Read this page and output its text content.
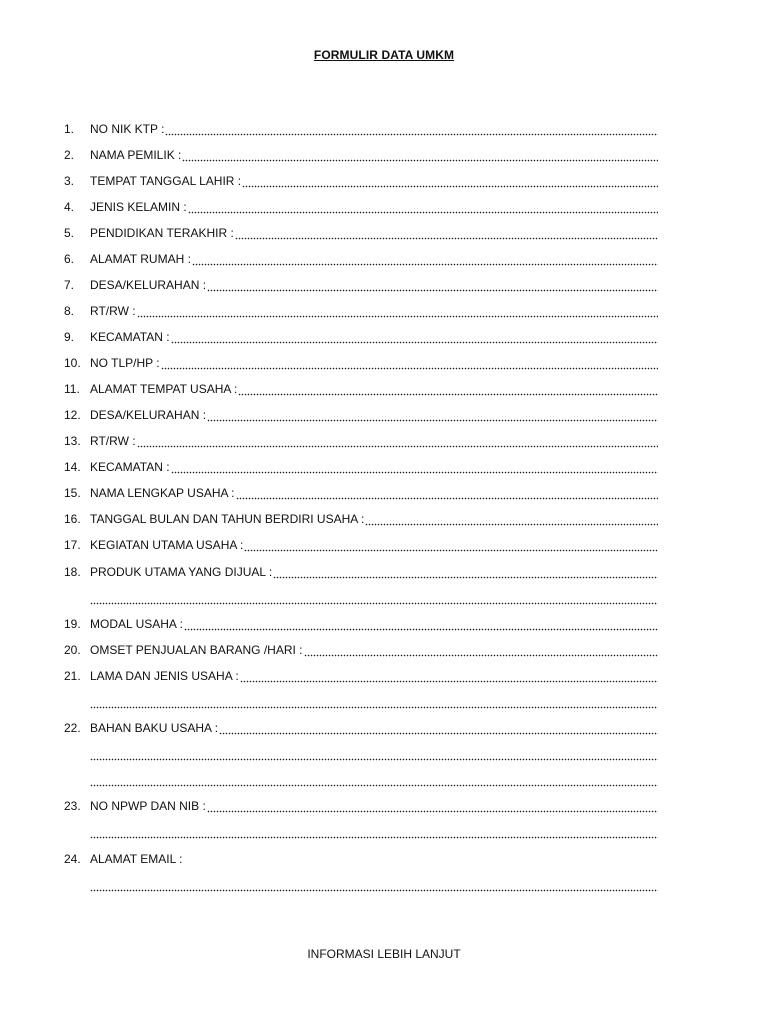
FORMULIR DATA UMKM
1.	NO NIK KTP :
2.	NAMA PEMILIK :
3.	TEMPAT TANGGAL LAHIR :
4.	JENIS KELAMIN :
5.	PENDIDIKAN TERAKHIR :
6.	ALAMAT RUMAH :
7.	DESA/KELURAHAN :
8.	RT/RW :
9.	KECAMATAN :
10. NO TLP/HP :
11. ALAMAT TEMPAT USAHA :
12. DESA/KELURAHAN :
13. RT/RW :
14. KECAMATAN :
15. NAMA LENGKAP USAHA :
16. TANGGAL BULAN DAN TAHUN BERDIRI USAHA :
17. KEGIATAN UTAMA USAHA :
18. PRODUK UTAMA YANG DIJUAL :
19. MODAL USAHA :
20. OMSET PENJUALAN BARANG /HARI :
21. LAMA DAN JENIS USAHA :
22. BAHAN BAKU USAHA :
23. NO NPWP DAN NIB :
24. ALAMAT EMAIL :
INFORMASI LEBIH LANJUT
